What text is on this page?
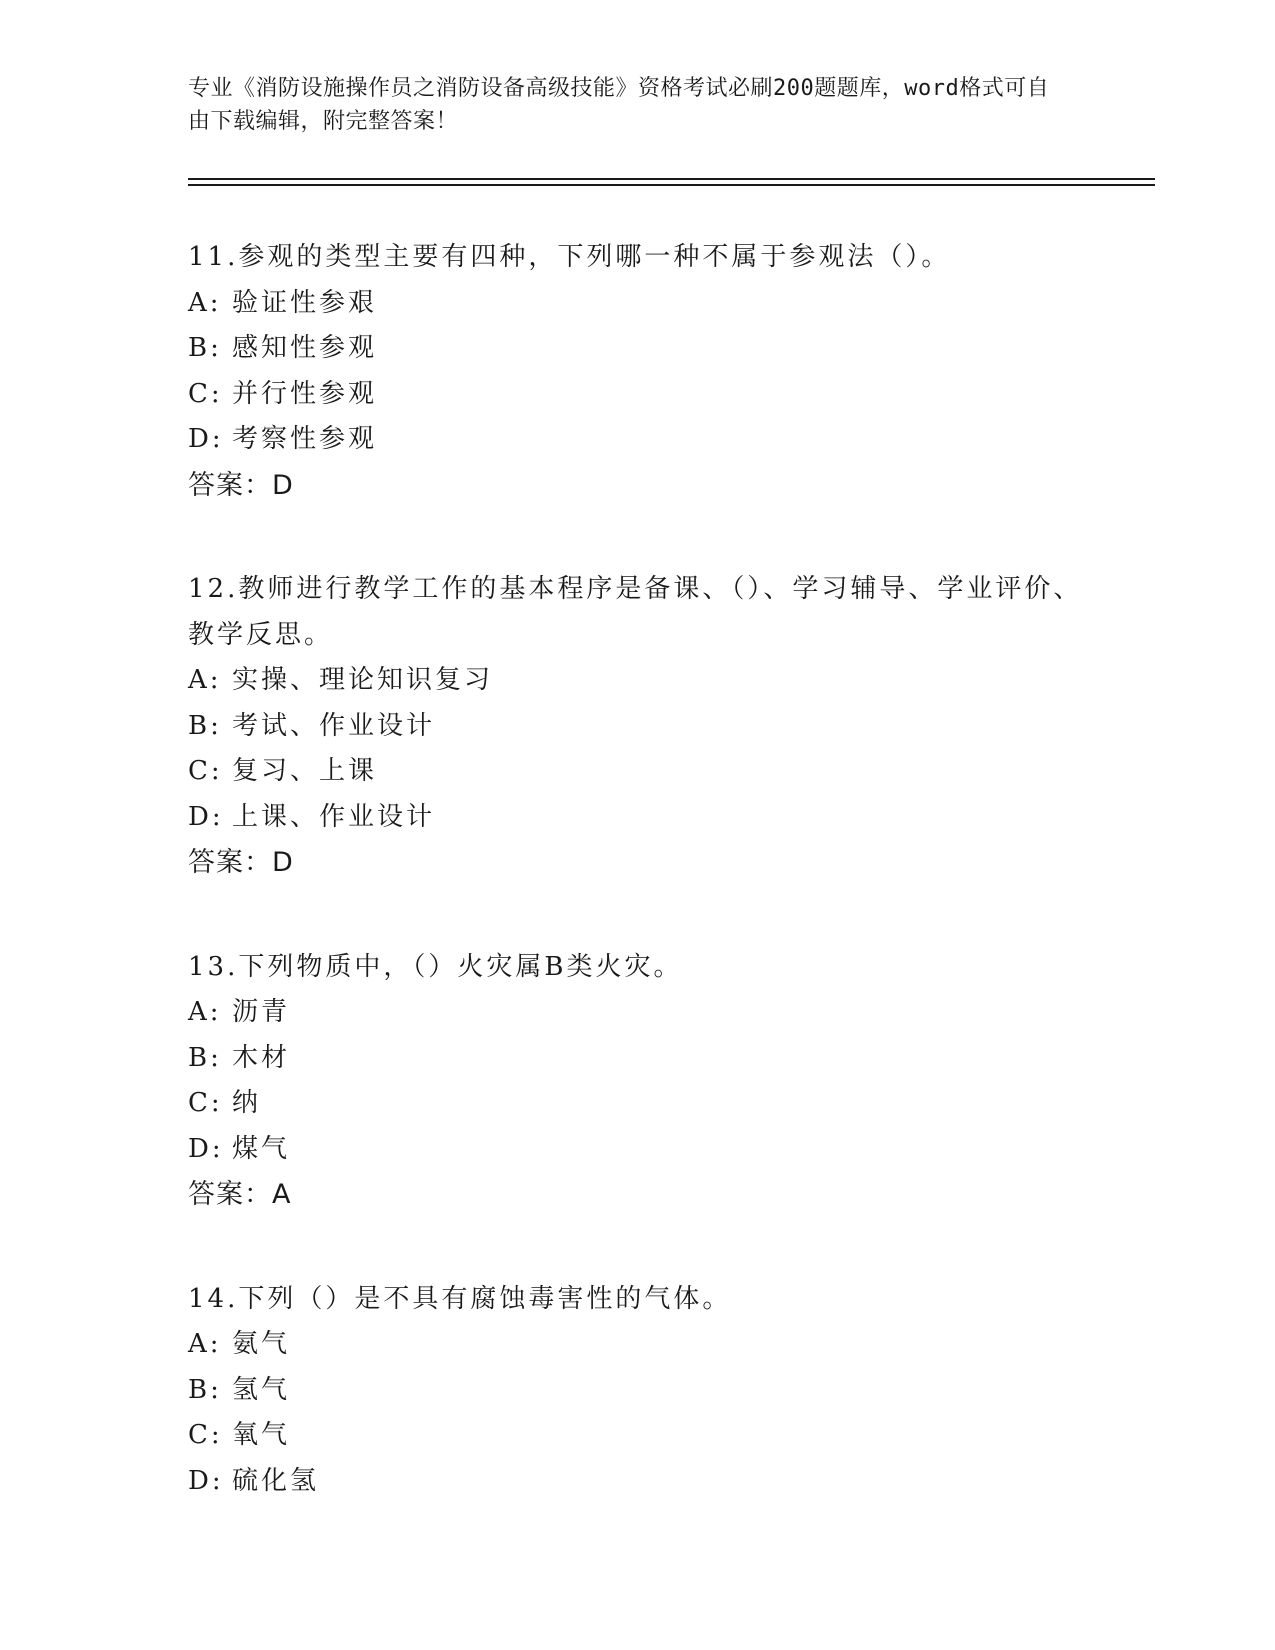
专业《消防设施操作员之消防设备高级技能》资格考试必刷200题题库，word格式可自由下载编辑，附完整答案！

11.参观的类型主要有四种，下列哪一种不属于参观法（）。

A: 验证性参艰

B: 感知性参观

C: 并行性参观

D: 考察性参观

答案：D

12.教师进行教学工作的基本程序是备课、（）、学习辅导、学业评价、教学反思。

A: 实操、理论知识复习

B: 考试、作业设计

C: 复习、上课

D: 上课、作业设计

答案：D

13.下列物质中，（）火灾属B类火灾。

A: 沥青

B: 木材

C: 纳

D: 煤气

答案：A

14.下列（）是不具有腐蚀毒害性的气体。

A: 氨气

B: 氢气

C: 氧气

D: 硫化氢
